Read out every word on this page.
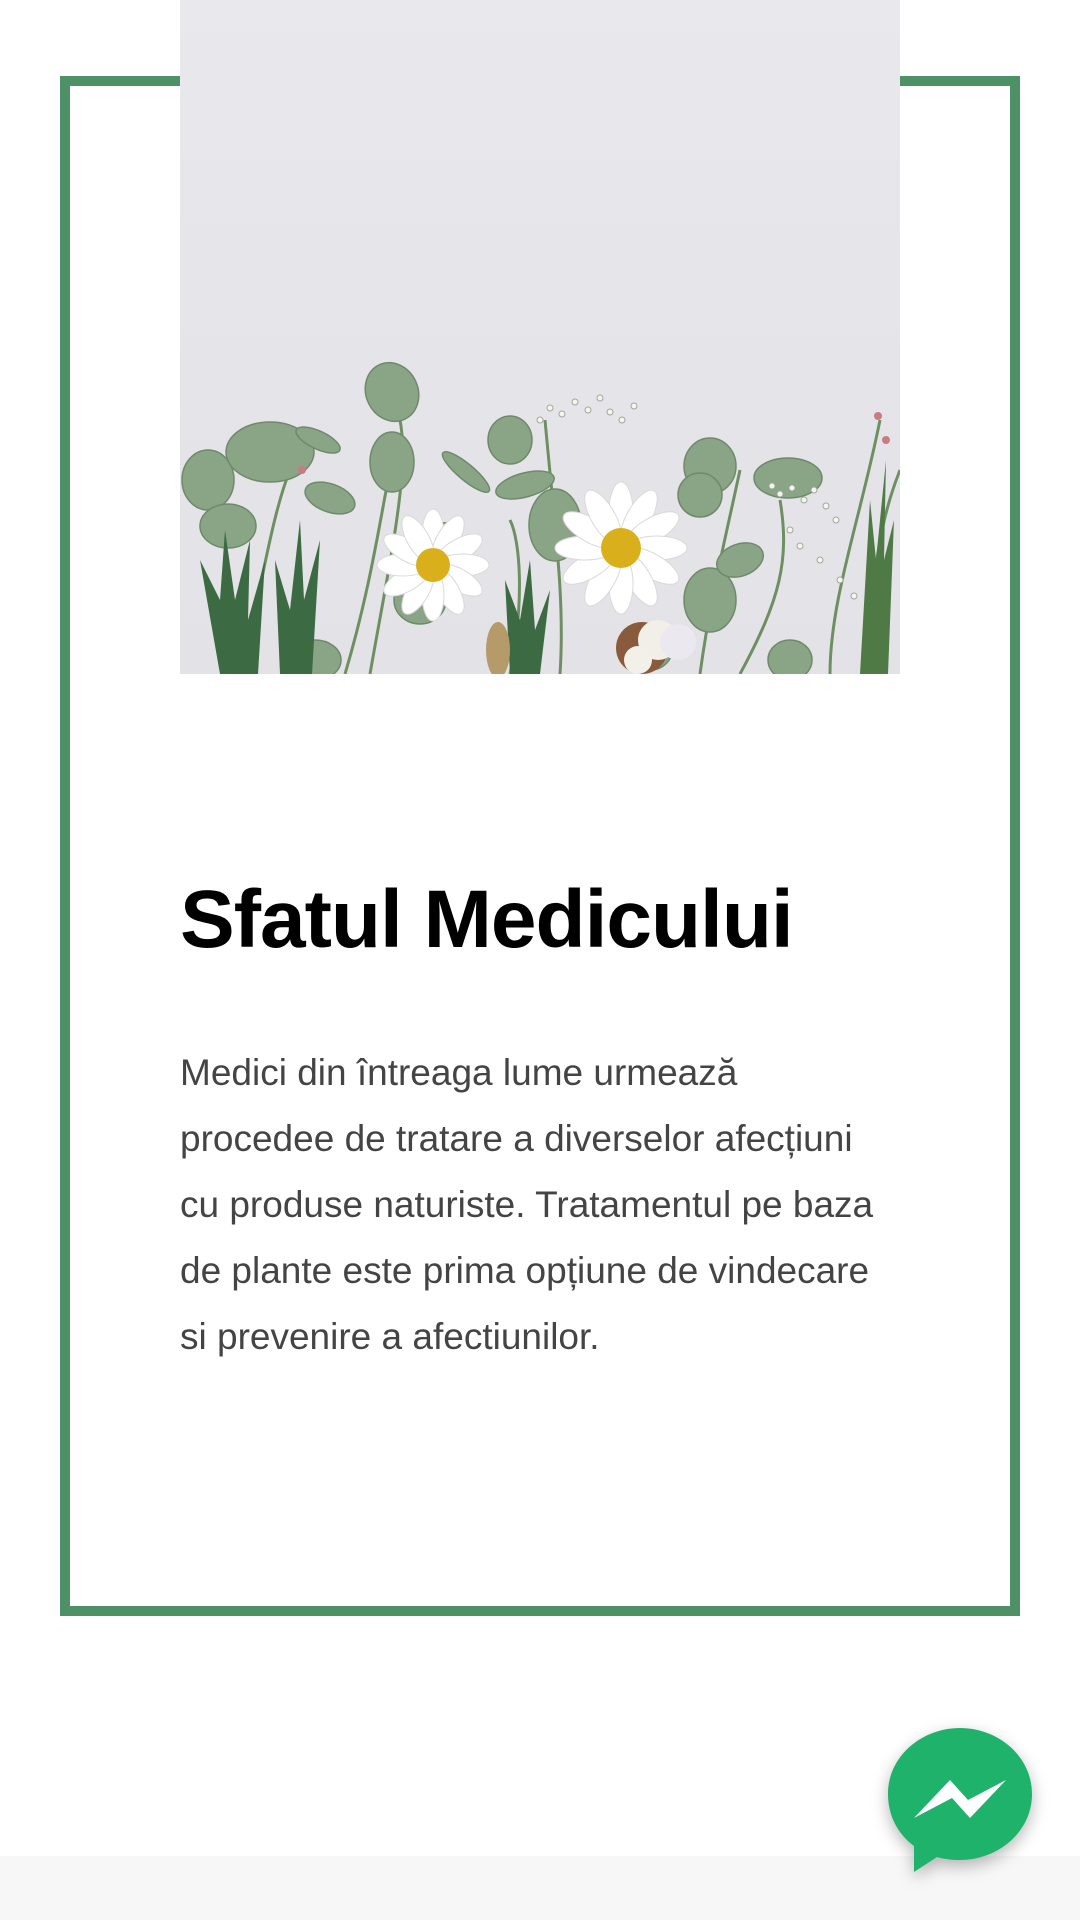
Sfatul Medicului

Medici din întreaga lume urmează procedee de tratare a diverselor afecțiuni cu produse naturiste. Tratamentul pe baza de plante este prima opțiune de vindecare si prevenire a afectiunilor.
